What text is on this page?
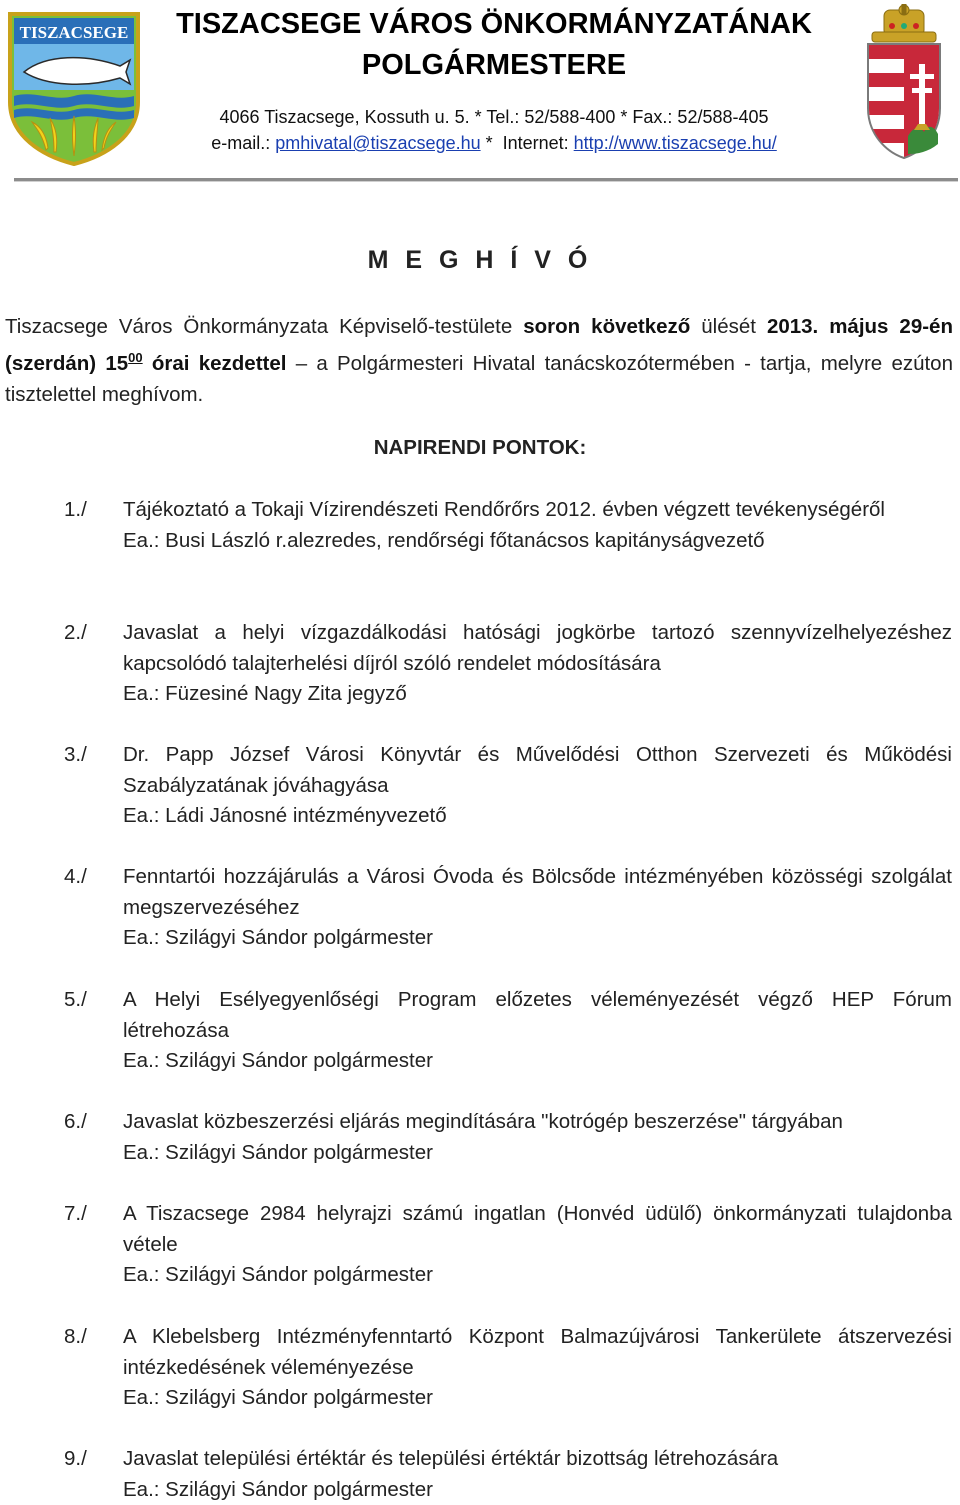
TISZACSEGE	TISZACSEGE VÁROS ÖNKORMÁNYZATÁNAK
POLGÁRMESTERE
4066 Tiszacsege, Kossuth u. 5. * Tel.: 52/588-400 * Fax.: 52/588-405
e-mail.: pmhivatal@tiszacsege.hu *  Internet: http://www.tiszacsege.hu/
M E G H Í V Ó
Tiszacsege Város Önkormányzata Képviselő-testülete soron következő ülését 2013. május 29-én (szerdán) $15^{00}$ órai kezdettel – a Polgármesteri Hivatal tanácskozótermében - tartja, melyre ezúton tisztelettel meghívom.
NAPIRENDI PONTOK:
1./ Tájékoztató a Tokaji Vízirendészeti Rendőrőrs 2012. évben végzett tevékenységéről
Ea.: Busi László r.alezredes, rendőrségi főtanácsos kapitányságvezető
2./ Javaslat a helyi vízgazdálkodási hatósági jogkörbe tartozó szennyvízelhelyezéshez kapcsolódó talajterhelési díjról szóló rendelet módosítására
Ea.: Füzesiné Nagy Zita jegyző
3./ Dr. Papp József Városi Könyvtár és Művelődési Otthon Szervezeti és Működési Szabályzatának jóváhagyása
Ea.: Ládi Jánosné intézményvezető
4./ Fenntartói hozzájárulás a Városi Óvoda és Bölcsőde intézményében közösségi szolgálat megszervezéséhez
Ea.: Szilágyi Sándor polgármester
5./ A Helyi Esélyegyenlőségi Program előzetes véleményezését végző HEP Fórum létrehozása
Ea.: Szilágyi Sándor polgármester
6./ Javaslat közbeszerzési eljárás megindítására "kotrógép beszerzése" tárgyában
Ea.: Szilágyi Sándor polgármester
7./ A Tiszacsege 2984 helyrajzi számú ingatlan (Honvéd üdülő) önkormányzati tulajdonba vétele
Ea.: Szilágyi Sándor polgármester
8./ A Klebelsberg Intézményfenntartó Központ Balmazújvárosi Tankerülete átszervezési intézkedésének véleményezése
Ea.: Szilágyi Sándor polgármester
9./ Javaslat települési értéktár és települési értéktár bizottság létrehozására
Ea.: Szilágyi Sándor polgármester
